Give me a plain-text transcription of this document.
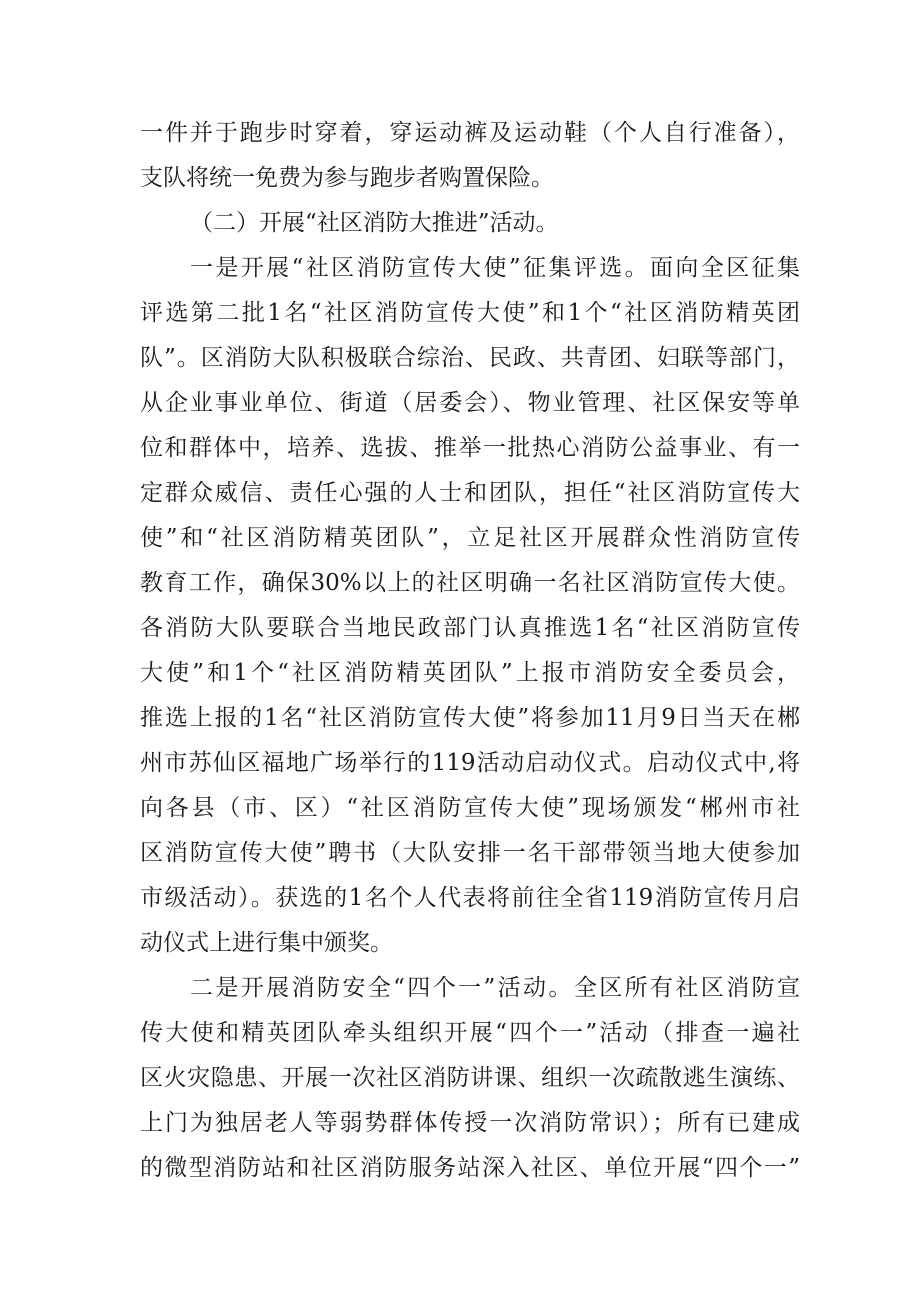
一件并于跑步时穿着，穿运动裤及运动鞋（个人自行准备），
支队将统一免费为参与跑步者购置保险。
（二）开展“社区消防大推进”活动。
一是开展“社区消防宣传大使”征集评选。面向全区征集
评选第二批1名“社区消防宣传大使”和1个“社区消防精英团
队”。区消防大队积极联合综治、民政、共青团、妇联等部门，
从企业事业单位、街道（居委会）、物业管理、社区保安等单
位和群体中，培养、选拔、推举一批热心消防公益事业、有一
定群众威信、责任心强的人士和团队，担任“社区消防宣传大
使”和“社区消防精英团队”，立足社区开展群众性消防宣传
教育工作，确保30%以上的社区明确一名社区消防宣传大使。
各消防大队要联合当地民政部门认真推选1名“社区消防宣传
大使”和1个“社区消防精英团队”上报市消防安全委员会，
推选上报的1名“社区消防宣传大使”将参加11月9日当天在郴
州市苏仙区福地广场举行的119活动启动仪式。启动仪式中,将
向各县（市、区）“社区消防宣传大使”现场颁发“郴州市社
区消防宣传大使”聘书（大队安排一名干部带领当地大使参加
市级活动）。获选的1名个人代表将前往全省119消防宣传月启
动仪式上进行集中颁奖。
二是开展消防安全“四个一”活动。全区所有社区消防宣
传大使和精英团队牵头组织开展“四个一”活动（排查一遍社
区火灾隐患、开展一次社区消防讲课、组织一次疏散逃生演练、
上门为独居老人等弱势群体传授一次消防常识）；所有已建成
的微型消防站和社区消防服务站深入社区、单位开展“四个一”
